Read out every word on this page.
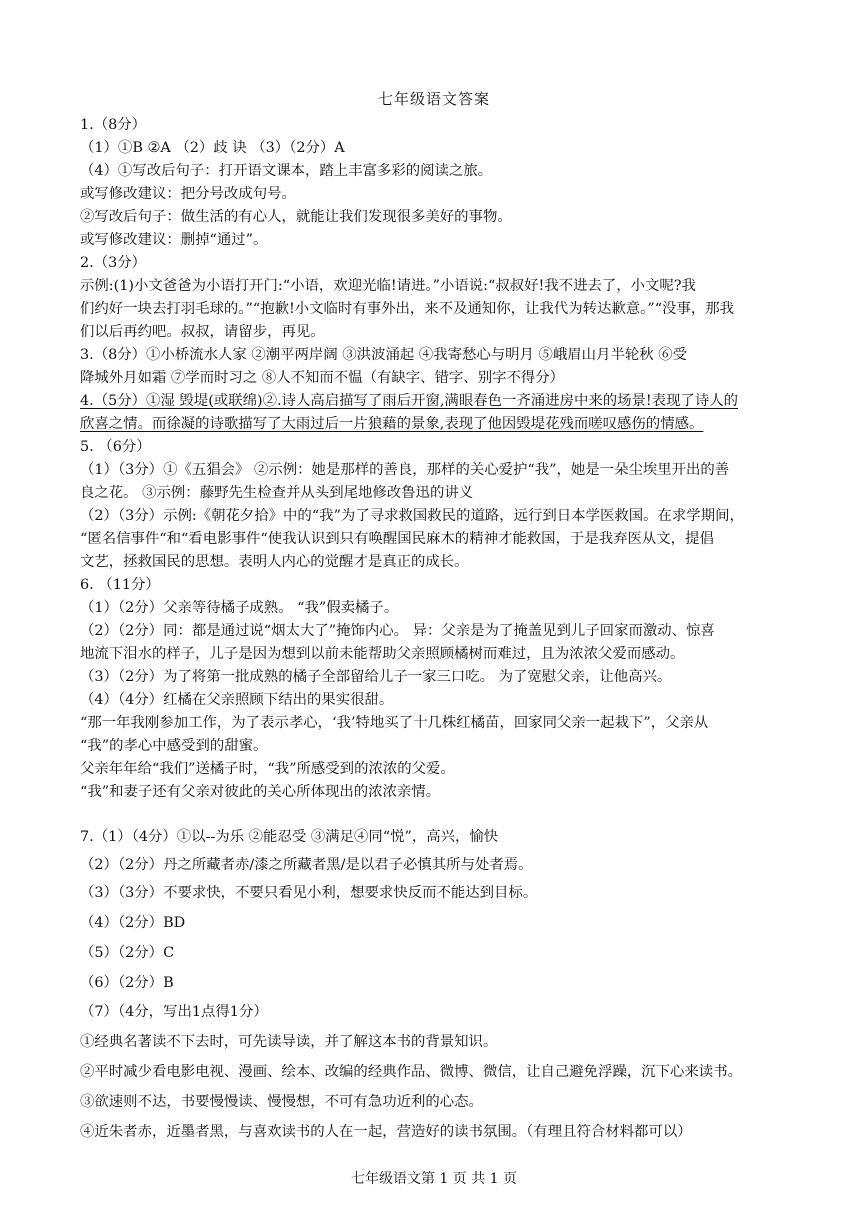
七年级语文答案
1.（8分）
（1）①B ②A （2）歧 诀 （3）（2分）A
（4）①写改后句子：打开语文课本，踏上丰富多彩的阅读之旅。
或写修改建议：把分号改成句号。
②写改后句子：做生活的有心人，就能让我们发现很多美好的事物。
或写修改建议：删掉“通过”。
2.（3分）
示例:(1)小文爸爸为小语打开门:“小语，欢迎光临!请进。”小语说:“叔叔好!我不进去了，小文呢?我
们约好一块去打羽毛球的。”“抱歉!小文临时有事外出，来不及通知你，让我代为转达歉意。”“没事，那我
们以后再约吧。叔叔，请留步，再见。
3.（8分）①小桥流水人家 ②潮平两岸阔 ③洪波涌起 ④我寄愁心与明月 ⑤峨眉山月半轮秋 ⑥受
降城外月如霜 ⑦学而时习之 ⑧人不知而不愠（有缺字、错字、别字不得分）
4.（5分）①湿 毁堤(或联绵)②.诗人高启描写了雨后开窗,满眼春色一齐涌进房中来的场景!表现了诗人的
欣喜之情。而徐凝的诗歌描写了大雨过后一片狼藉的景象,表现了他因毁堤花残而嗟叹感伤的情感。
5. （6分）
（1）（3分）①《五猖会》 ②示例：她是那样的善良，那样的关心爱护“我”，她是一朵尘埃里开出的善
良之花。 ③示例：藤野先生检查并从头到尾地修改鲁迅的讲义
（2）（3分）示例:《朝花夕拾》中的“我”为了寻求救国救民的道路，远行到日本学医救国。在求学期间，
“匿名信事件“和“看电影事件“使我认识到只有唤醒国民麻木的精神才能救国，于是我弃医从文，提倡
文艺，拯救国民的思想。表明人内心的觉醒才是真正的成长。
6. （11分）
（1）（2分）父亲等待橘子成熟。 “我”假卖橘子。
（2）（2分）同：都是通过说“烟太大了”掩饰内心。 异：父亲是为了掩盖见到儿子回家而激动、惊喜
地流下泪水的样子，儿子是因为想到以前未能帮助父亲照顾橘树而难过，且为浓浓父爱而感动。
（3）（2分）为了将第一批成熟的橘子全部留给儿子一家三口吃。 为了宽慰父亲，让他高兴。
（4）（4分）红橘在父亲照顾下结出的果实很甜。
“那一年我刚参加工作，为了表示孝心，‘我’特地买了十几株红橘苗，回家同父亲一起栽下”，父亲从
“我”的孝心中感受到的甜蜜。
父亲年年给“我们”送橘子时，“我”所感受到的浓浓的父爱。
“我”和妻子还有父亲对彼此的关心所体现出的浓浓亲情。
7.（1）（4分）①以--为乐 ②能忍受 ③满足④同“悦”，高兴，愉快
（2）（2分）丹之所藏者赤/漆之所藏者黑/是以君子必慎其所与处者焉。
（3）（3分）不要求快，不要只看见小利，想要求快反而不能达到目标。
（4）（2分）BD
（5）（2分）C
（6）（2分）B
（7）（4分，写出1点得1分）
①经典名著读不下去时，可先读导读，并了解这本书的背景知识。
②平时减少看电影电视、漫画、绘本、改编的经典作品、微博、微信，让自己避免浮躁，沉下心来读书。
③欲速则不达，书要慢慢读、慢慢想，不可有急功近利的心态。
④近朱者赤，近墨者黑，与喜欢读书的人在一起，营造好的读书氛围。（有理且符合材料都可以）
七年级语文第 1 页 共 1 页
